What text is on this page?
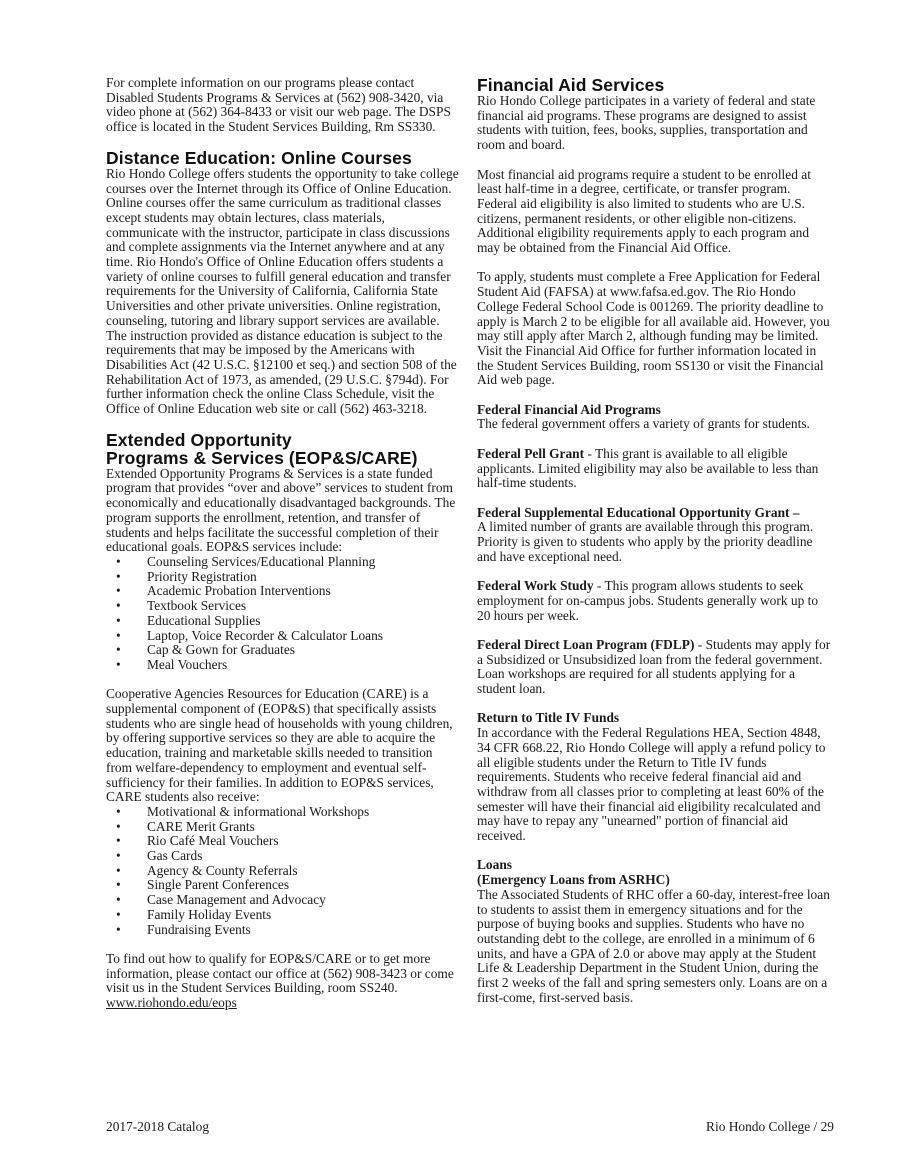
For complete information on our programs please contact Disabled Students Programs & Services at (562) 908-3420, via video phone at (562) 364-8433 or visit our web page. The DSPS office is located in the Student Services Building, Rm SS330.

Distance Education: Online Courses

Rio Hondo College offers students the opportunity to take college courses over the Internet through its Office of Online Education. Online courses offer the same curriculum as traditional classes except students may obtain lectures, class materials, communicate with the instructor, participate in class discussions and complete assignments via the Internet anywhere and at any time. Rio Hondo's Office of Online Education offers students a variety of online courses to fulfill general education and transfer requirements for the University of California, California State Universities and other private universities. Online registration, counseling, tutoring and library support services are available. The instruction provided as distance education is subject to the requirements that may be imposed by the Americans with Disabilities Act (42 U.S.C. §12100 et seq.) and section 508 of the Rehabilitation Act of 1973, as amended, (29 U.S.C. §794d). For further information check the online Class Schedule, visit the Office of Online Education web site or call (562) 463-3218.

Extended Opportunity
Programs & Services (EOP&S/CARE)

Extended Opportunity Programs & Services is a state funded program that provides “over and above” services to student from economically and educationally disadvantaged backgrounds. The program supports the enrollment, retention, and transfer of students and helps facilitate the successful completion of their educational goals. EOP&S services include:

• Counseling Services/Educational Planning
• Priority Registration
• Academic Probation Interventions
• Textbook Services
• Educational Supplies
• Laptop, Voice Recorder & Calculator Loans
• Cap & Gown for Graduates
• Meal Vouchers

Cooperative Agencies Resources for Education (CARE) is a supplemental component of (EOP&S) that specifically assists students who are single head of households with young children, by offering supportive services so they are able to acquire the education, training and marketable skills needed to transition from welfare-dependency to employment and eventual self-sufficiency for their families. In addition to EOP&S services, CARE students also receive:

• Motivational & informational Workshops
• CARE Merit Grants
• Rio Café Meal Vouchers
• Gas Cards
• Agency & County Referrals
• Single Parent Conferences
• Case Management and Advocacy
• Family Holiday Events
• Fundraising Events

To find out how to qualify for EOP&S/CARE or to get more information, please contact our office at (562) 908-3423 or come visit us in the Student Services Building, room SS240.
www.riohondo.edu/eops

Financial Aid Services

Rio Hondo College participates in a variety of federal and state financial aid programs. These programs are designed to assist students with tuition, fees, books, supplies, transportation and room and board.

Most financial aid programs require a student to be enrolled at least half-time in a degree, certificate, or transfer program. Federal aid eligibility is also limited to students who are U.S. citizens, permanent residents, or other eligible non-citizens. Additional eligibility requirements apply to each program and may be obtained from the Financial Aid Office.

To apply, students must complete a Free Application for Federal Student Aid (FAFSA) at www.fafsa.ed.gov. The Rio Hondo College Federal School Code is 001269. The priority deadline to apply is March 2 to be eligible for all available aid. However, you may still apply after March 2, although funding may be limited. Visit the Financial Aid Office for further information located in the Student Services Building, room SS130 or visit the Financial Aid web page.

Federal Financial Aid Programs

The federal government offers a variety of grants for students.

Federal Pell Grant - This grant is available to all eligible applicants. Limited eligibility may also be available to less than half-time students.

Federal Supplemental Educational Opportunity Grant –

A limited number of grants are available through this program. Priority is given to students who apply by the priority deadline and have exceptional need.

Federal Work Study - This program allows students to seek employment for on-campus jobs. Students generally work up to 20 hours per week.

Federal Direct Loan Program (FDLP) - Students may apply for a Subsidized or Unsubsidized loan from the federal government. Loan workshops are required for all students applying for a student loan.

Return to Title IV Funds

In accordance with the Federal Regulations HEA, Section 4848, 34 CFR 668.22, Rio Hondo College will apply a refund policy to all eligible students under the Return to Title IV funds requirements. Students who receive federal financial aid and withdraw from all classes prior to completing at least 60% of the semester will have their financial aid eligibility recalculated and may have to repay any "unearned" portion of financial aid received.

Loans

(Emergency Loans from ASRHC)

The Associated Students of RHC offer a 60-day, interest-free loan to students to assist them in emergency situations and for the purpose of buying books and supplies. Students who have no outstanding debt to the college, are enrolled in a minimum of 6 units, and have a GPA of 2.0 or above may apply at the Student Life & Leadership Department in the Student Union, during the first 2 weeks of the fall and spring semesters only. Loans are on a first-come, first-served basis.

2017-2018 Catalog	Rio Hondo College / 29
